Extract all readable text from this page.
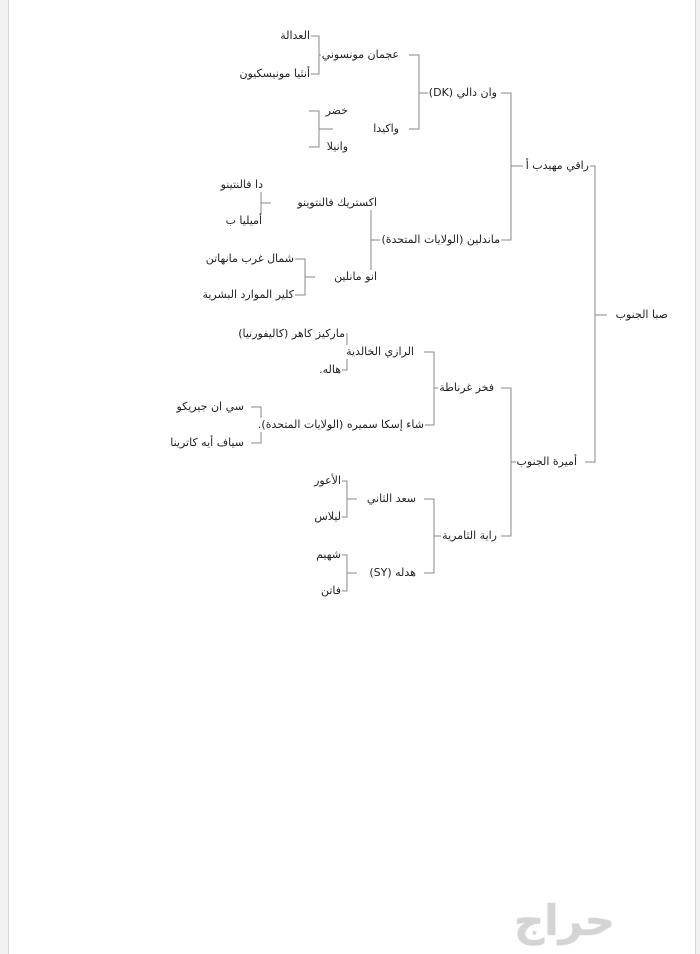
صبا الجنوب
راقي مهيدب أ
أميرة الجنوب
وان دالي (DK)
ماندلين (الولايات المتحدة)
فخر غرناطة
راية الثامرية
عجمان مونسوني
واكيدا
اكستريك فالنتوينو
انو مانلين
الرازي الخالدية
شاء إسكا سميره (الولايات المتحدة).
سعد الثاني
هدله (SY)
العدالة
أنثيا مونيسكيون
خضر
وانيلا
دا فالنتينو
أميليا ب
شمال غرب مانهاتن
كلير الموارد البشرية
ماركيز كاهر (كاليفورنيا)
هاله.
سي ان جيريكو
سياف أيه كاترينا
الأعور
ليلاس
شهيم
فاتن
حراج
